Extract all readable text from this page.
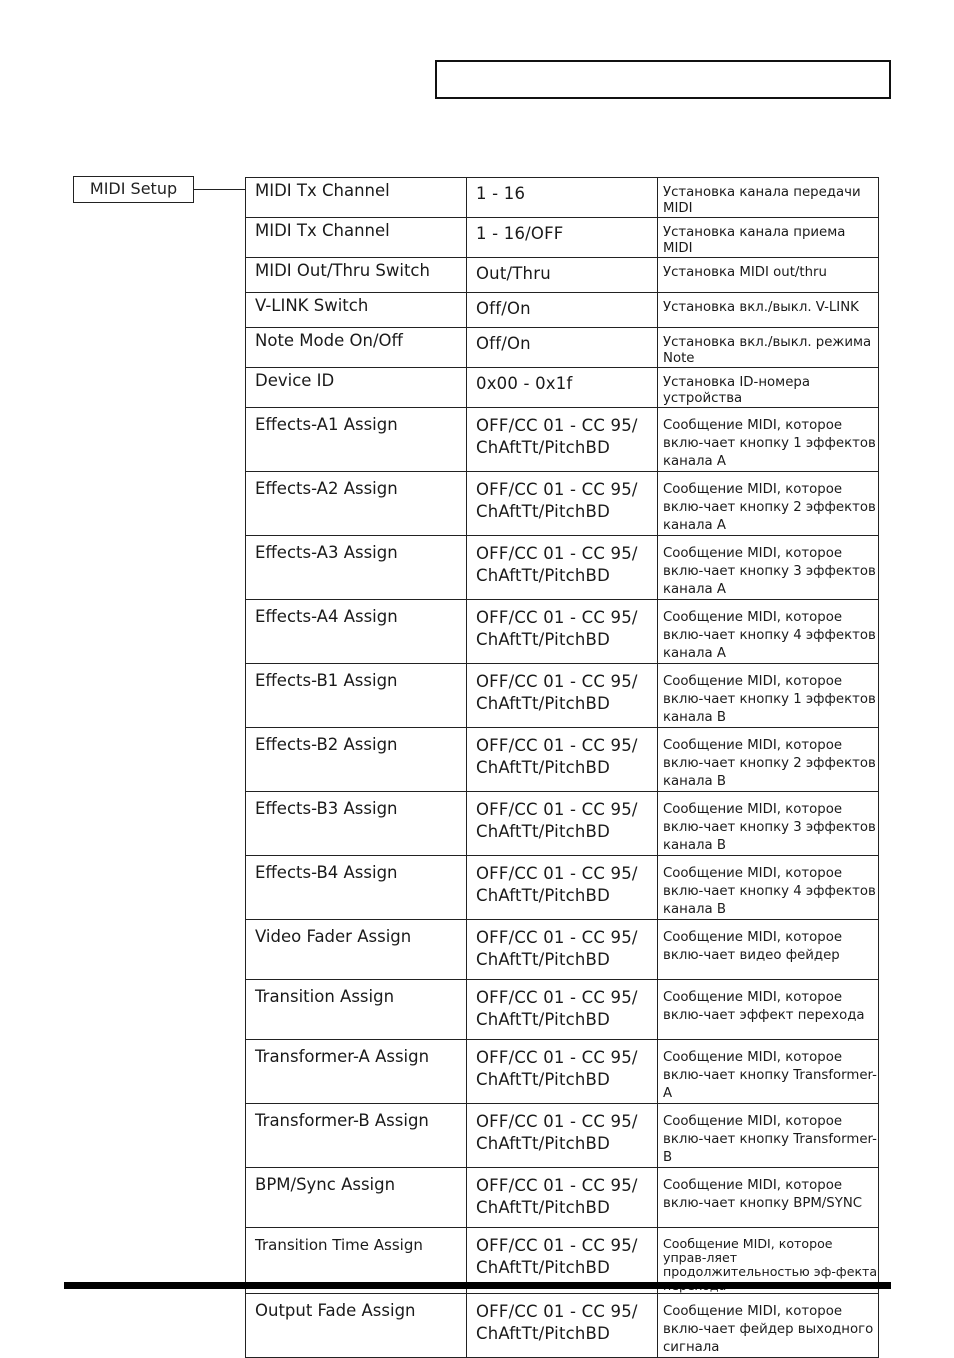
MIDI Setup	MIDI Tx Channel	1 - 16	Установка канала передачи MIDI
MIDI Tx Channel	1 - 16/OFF	Установка канала приема MIDI
MIDI Out/Thru Switch	Out/Thru	Установка MIDI out/thru
V-LINK Switch	Off/On	Установка вкл./выкл. V-LINK
Note Mode On/Off	Off/On	Установка вкл./выкл. режима Note
Device ID	0x00 - 0x1f	Установка ID-номера устройства
Effects-A1 Assign	OFF/CC 01 - CC 95/ ChAftTt/PitchBD	Сообщение MIDI, которое вклю-чает кнопку 1 эффектов канала A
Effects-A2 Assign	OFF/CC 01 - CC 95/ ChAftTt/PitchBD	Сообщение MIDI, которое вклю-чает кнопку 2 эффектов канала A
Effects-A3 Assign	OFF/CC 01 - CC 95/ ChAftTt/PitchBD	Сообщение MIDI, которое вклю-чает кнопку 3 эффектов канала A
Effects-A4 Assign	OFF/CC 01 - CC 95/ ChAftTt/PitchBD	Сообщение MIDI, которое вклю-чает кнопку 4 эффектов канала A
Effects-B1 Assign	OFF/CC 01 - CC 95/ ChAftTt/PitchBD	Сообщение MIDI, которое вклю-чает кнопку 1 эффектов канала B
Effects-B2 Assign	OFF/CC 01 - CC 95/ ChAftTt/PitchBD	Сообщение MIDI, которое вклю-чает кнопку 2 эффектов канала B
Effects-B3 Assign	OFF/CC 01 - CC 95/ ChAftTt/PitchBD	Сообщение MIDI, которое вклю-чает кнопку 3 эффектов канала B
Effects-B4 Assign	OFF/CC 01 - CC 95/ ChAftTt/PitchBD	Сообщение MIDI, которое вклю-чает кнопку 4 эффектов канала B
Video Fader Assign	OFF/CC 01 - CC 95/ ChAftTt/PitchBD	Сообщение MIDI, которое вклю-чает видео фейдер
Transition Assign	OFF/CC 01 - CC 95/ ChAftTt/PitchBD	Сообщение MIDI, которое вклю-чает эффект перехода
Transformer-A Assign	OFF/CC 01 - CC 95/ ChAftTt/PitchBD	Сообщение MIDI, которое вклю-чает кнопку Transformer-A
Transformer-B Assign	OFF/CC 01 - CC 95/ ChAftTt/PitchBD	Сообщение MIDI, которое вклю-чает кнопку Transformer-B
BPM/Sync Assign	OFF/CC 01 - CC 95/ ChAftTt/PitchBD	Сообщение MIDI, которое вклю-чает кнопку BPM/SYNC
Transition Time Assign	OFF/CC 01 - CC 95/ ChAftTt/PitchBD	Сообщение MIDI, которое управ-ляет продолжительностью эф-фекта
Output Fade Assign	OFF/CC 01 - CC 95/ ChAftTt/PitchBD	Сообщение MIDI, которое вклю-чает фейдер выходного сигнала
